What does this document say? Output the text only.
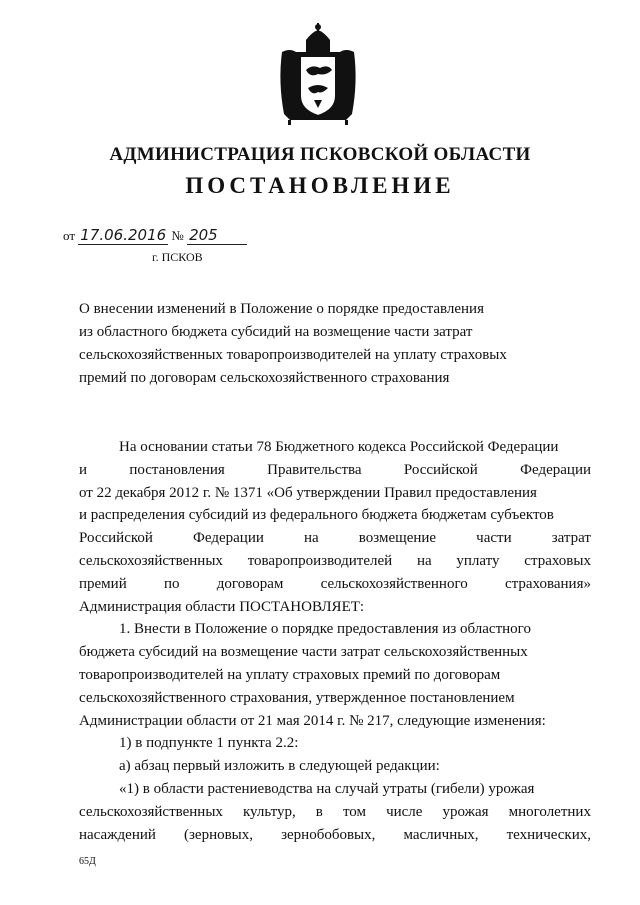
АДМИНИСТРАЦИЯ ПСКОВСКОЙ ОБЛАСТИ
ПОСТАНОВЛЕНИЕ
от 17.06.2016 № 205
г. ПСКОВ
О внесении изменений в Положение о порядке предоставления
из областного бюджета субсидий на возмещение части затрат
сельскохозяйственных товаропроизводителей на уплату страховых
премий по договорам сельскохозяйственного страхования
На основании статьи 78 Бюджетного кодекса Российской Федерации
и	постановления	Правительства	Российской	Федерации
от 22 декабря 2012 г. № 1371 «Об утверждении Правил предоставления
и распределения субсидий из федерального бюджета бюджетам субъектов
Российской	Федерации	на	возмещение	части	затрат
сельскохозяйственных товаропроизводителей на уплату страховых
премий по договорам сельскохозяйственного страхования»
Администрация области ПОСТАНОВЛЯЕТ:
1. Внести в Положение о порядке предоставления из областного
бюджета субсидий на возмещение части затрат сельскохозяйственных
товаропроизводителей на уплату страховых премий по договорам
сельскохозяйственного страхования, утвержденное постановлением
Администрации области от 21 мая 2014 г. № 217, следующие изменения:
1) в подпункте 1 пункта 2.2:
а) абзац первый изложить в следующей редакции:
«1) в области растениеводства на случай утраты (гибели) урожая
сельскохозяйственных культур, в том числе урожая многолетних
насаждений (зерновых, зернобобовых, масличных, технических,
65Д
